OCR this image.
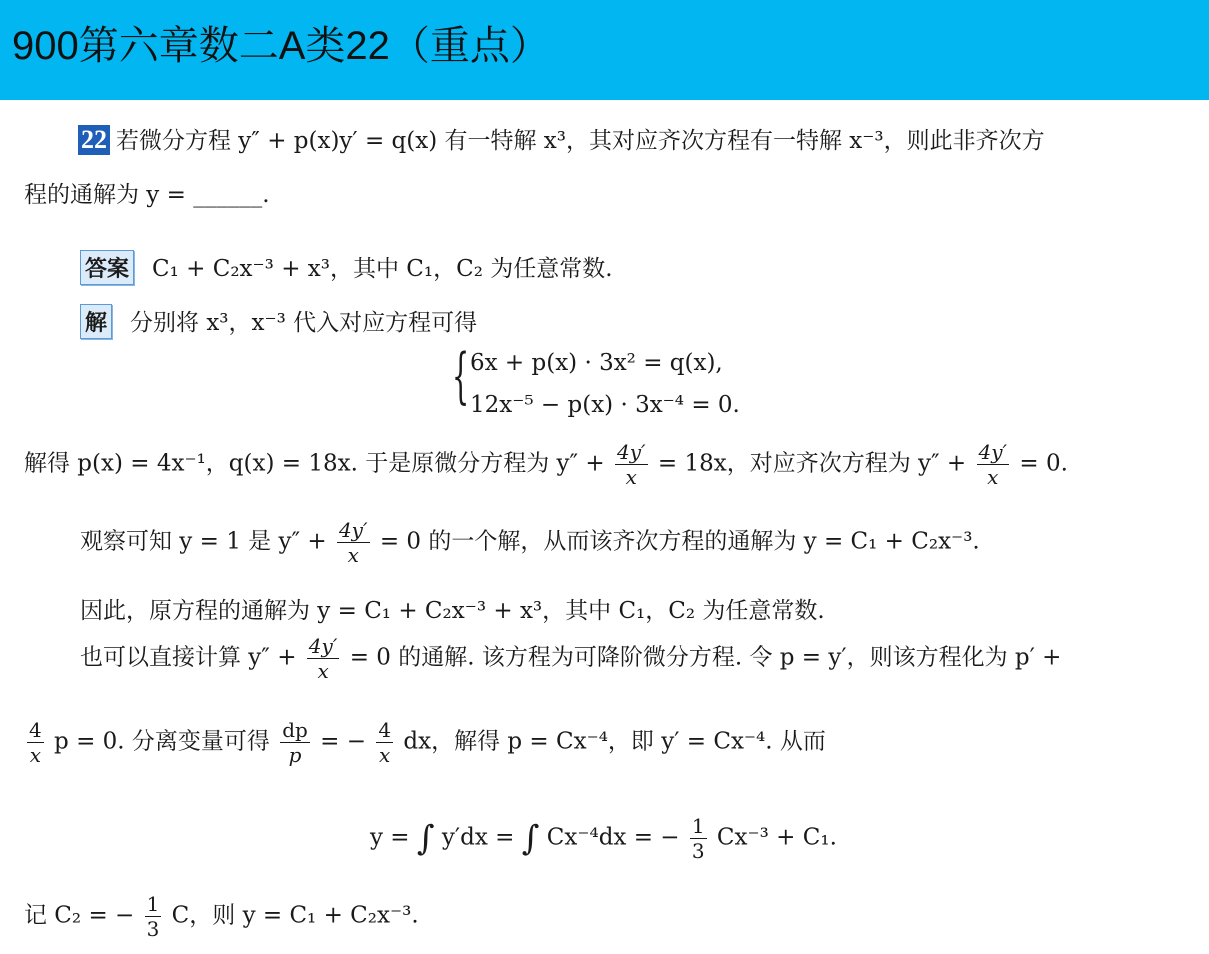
900第六章数二A类22（重点）
22 若微分方程 y″ + p(x)y′ = q(x) 有一特解 x³，其对应齐次方程有一特解 x⁻³，则此非齐次方
程的通解为 y = ______.
答案 C₁ + C₂x⁻³ + x³，其中 C₁，C₂ 为任意常数.
解 分别将 x³，x⁻³ 代入对应方程可得
{ 6x + p(x) · 3x² = q(x),
12x⁻⁵ − p(x) · 3x⁻⁴ = 0.
解得 p(x) = 4x⁻¹，q(x) = 18x. 于是原微分方程为 $y'' + \frac{4y'}{x} = 18x$，对应齐次方程为 $y'' + \frac{4y'}{x} = 0$.
观察可知 y = 1 是 $y'' + \frac{4y'}{x} = 0$ 的一个解，从而该齐次方程的通解为 y = C₁ + C₂x⁻³.
因此，原方程的通解为 y = C₁ + C₂x⁻³ + x³，其中 C₁，C₂ 为任意常数.
也可以直接计算 $y'' + \frac{4y'}{x} = 0$ 的通解. 该方程为可降阶微分方程. 令 p = y′，则该方程化为 p′ +
$\frac{4}{x}$ p = 0. 分离变量可得 $\frac{dp}{p}$ = − $\frac{4}{x}$ dx，解得 p = Cx⁻⁴，即 y′ = Cx⁻⁴. 从而
y = ∫ y′dx = ∫ Cx⁻⁴dx = − $\frac{1}{3} Cx^{-3} + C_1$.
记 C₂ = − $\frac{1}{3}$ C，则 y = C₁ + C₂x⁻³.
